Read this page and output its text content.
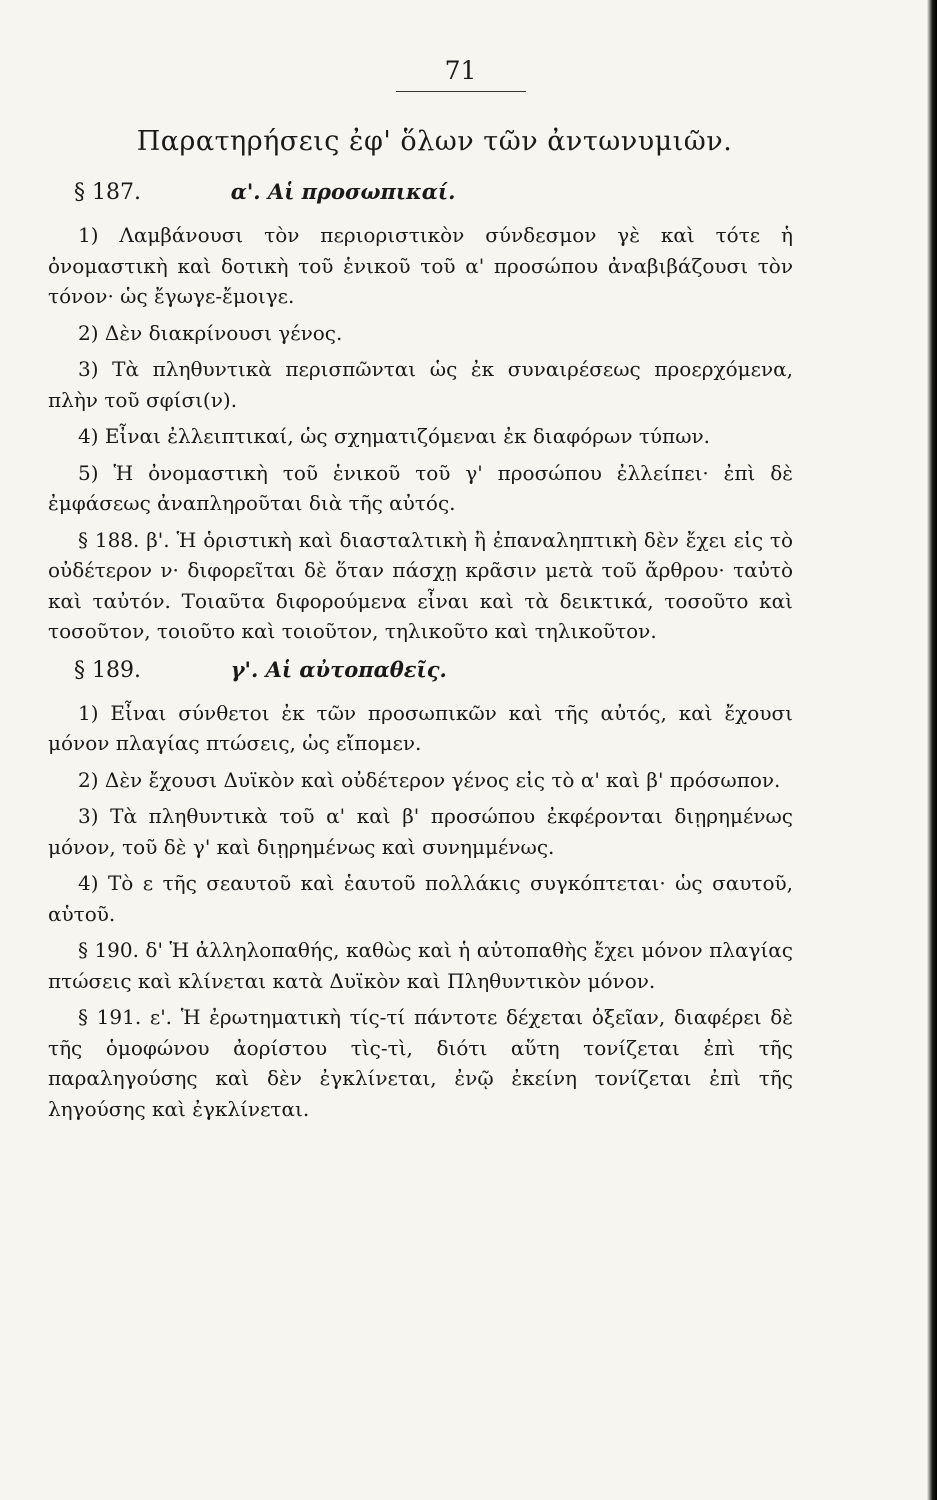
71
Παρατηρήσεις ἐφ' ὅλων τῶν ἀντωνυμιῶν.
§ 187.	α'. Αἱ προσωπικαί.

1) Λαμβάνουσι τὸν περιοριστικὸν σύνδεσμον γὲ καὶ τότε ἡ ὀνομαστικὴ καὶ δοτικὴ τοῦ ἑνικοῦ τοῦ α' προσώπου ἀναβιβάζουσι τὸν τόνον· ὡς ἔγωγε-ἔμοιγε.

2) Δὲν διακρίνουσι γένος.

3) Τὰ πληθυντικὰ περισπῶνται ὡς ἐκ συναιρέσεως προερχόμενα, πλὴν τοῦ σφίσι(ν).

4) Εἶναι ἐλλειπτικαί, ὡς σχηματιζόμεναι ἐκ διαφόρων τύπων.

5) Ἡ ὀνομαστικὴ τοῦ ἑνικοῦ τοῦ γ' προσώπου ἐλλείπει· ἐπὶ δὲ ἐμφάσεως ἀναπληροῦται διὰ τῆς αὐτός.

§ 188. β'. Ἡ ὁριστικὴ καὶ διασταλτικὴ ἢ ἐπαναληπτικὴ δὲν ἔχει εἰς τὸ οὐδέτερον ν· διφορεῖται δὲ ὅταν πάσχῃ κρᾶσιν μετὰ τοῦ ἄρθρου· ταὐτὸ καὶ ταὐτόν. Τοιαῦτα διφορούμενα εἶναι καὶ τὰ δεικτικά, τοσοῦτο καὶ τοσοῦτον, τοιοῦτο καὶ τοιοῦτον, τηλικοῦτο καὶ τηλικοῦτον.

§ 189.	γ'. Αἱ αὐτοπαθεῖς.

1) Εἶναι σύνθετοι ἐκ τῶν προσωπικῶν καὶ τῆς αὐτός, καὶ ἔχουσι μόνον πλαγίας πτώσεις, ὡς εἴπομεν.

2) Δὲν ἔχουσι Δυϊκὸν καὶ οὐδέτερον γένος εἰς τὸ α' καὶ β' πρόσωπον.

3) Τὰ πληθυντικὰ τοῦ α' καὶ β' προσώπου ἐκφέρονται διῃρημένως μόνον, τοῦ δὲ γ' καὶ διῃρημένως καὶ συνημμένως.

4) Τὸ ε τῆς σεαυτοῦ καὶ ἑαυτοῦ πολλάκις συγκόπτεται· ὡς σαυτοῦ, αὑτοῦ.

§ 190. δ' Ἡ ἀλληλοπαθής, καθὼς καὶ ἡ αὐτοπαθὴς ἔχει μόνον πλαγίας πτώσεις καὶ κλίνεται κατὰ Δυϊκὸν καὶ Πληθυντικὸν μόνον.

§ 191. ε'. Ἡ ἐρωτηματικὴ τίς-τί πάντοτε δέχεται ὀξεῖαν, διαφέρει δὲ τῆς ὁμοφώνου ἀορίστου τὶς-τὶ, διότι αὕτη τονίζεται ἐπὶ τῆς παραληγούσης καὶ δὲν ἐγκλίνεται, ἐνῷ ἐκείνη τονίζεται ἐπὶ τῆς ληγούσης καὶ ἐγκλίνεται.
